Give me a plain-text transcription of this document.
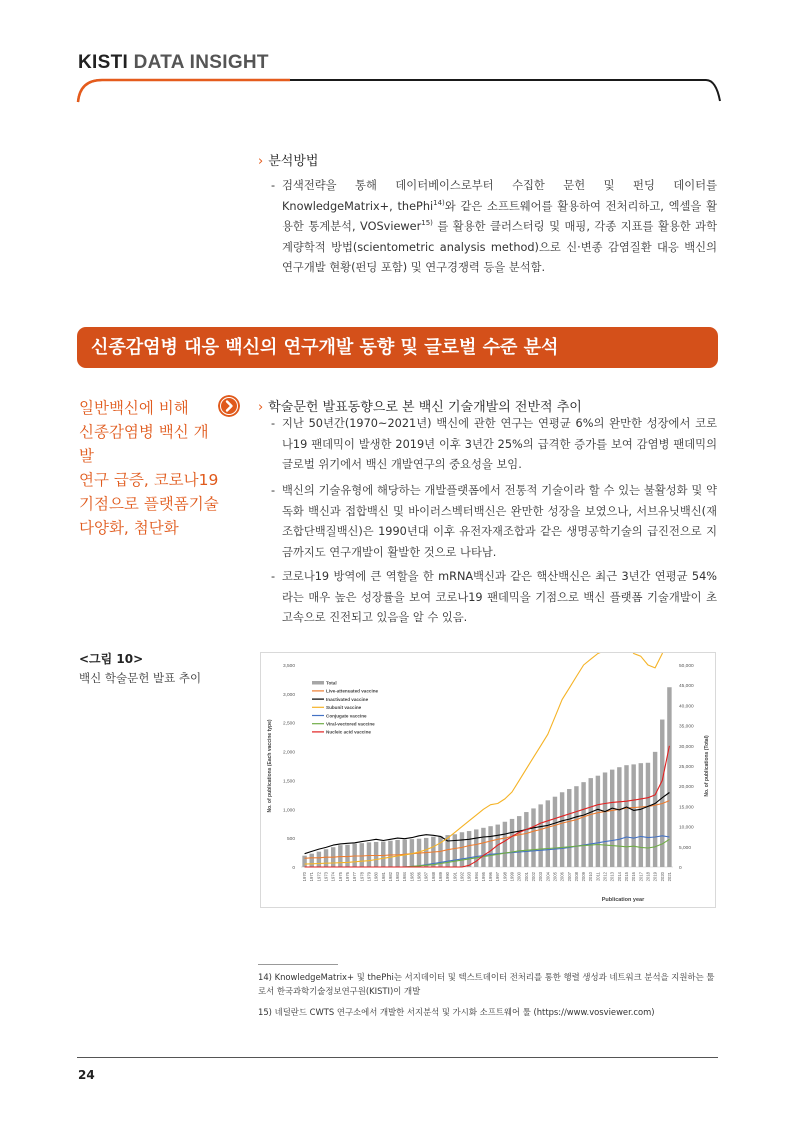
KISTI DATA INSIGHT
› 분석방법
- 검색전략을 통해 데이터베이스로부터 수집한 문헌 및 펀딩 데이터를 KnowledgeMatrix+, thePhi$^{14)}$와 같은 소프트웨어를 활용하여 전처리하고, 엑셀을 활용한 통계분석, VOSviewer$^{15)}$ 를 활용한 클러스터링 및 매핑, 각종 지표를 활용한 과학계량학적 방법(scientometric analysis method)으로 신·변종 감염질환 대응 백신의 연구개발 현황(펀딩 포함) 및 연구경쟁력 등을 분석함.
신종감염병 대응 백신의 연구개발 동향 및 글로벌 수준 분석
일반백신에 비해
신종감염병 백신 개발
연구 급증, 코로나19
기점으로 플랫폼기술
다양화, 첨단화
› 학술문헌 발표동향으로 본 백신 기술개발의 전반적 추이
- 지난 50년간(1970~2021년) 백신에 관한 연구는 연평균 6%의 완만한 성장에서 코로나19 팬데믹이 발생한 2019년 이후 3년간 25%의 급격한 증가를 보여 감염병 팬데믹의 글로벌 위기에서 백신 개발연구의 중요성을 보임.
- 백신의 기술유형에 해당하는 개발플랫폼에서 전통적 기술이라 할 수 있는 불활성화 및 약독화 백신과 접합백신 및 바이러스벡터백신은 완만한 성장을 보였으나, 서브유닛백신(재조합단백질백신)은 1990년대 이후 유전자재조합과 같은 생명공학기술의 급진전으로 지금까지도 연구개발이 활발한 것으로 나타남.
- 코로나19 방역에 큰 역할을 한 mRNA백신과 같은 핵산백신은 최근 3년간 연평균 54%라는 매우 높은 성장률을 보여 코로나19 팬데믹을 기점으로 백신 플랫폼 기술개발이 초고속으로 진전되고 있음을 알 수 있음.
<그림 10>
백신 학술문헌 발표 추이
0
500
1,000
1,500
2,000
2,500
3,000
3,500
0
5,000
10,000
15,000
20,000
25,000
30,000
35,000
40,000
45,000
50,000
1970 1971 1972 1973 1974 1975 1976 1977 1978 1979 1980 1981 1982 1983 1984 1985 1986 1987 1988 1989 1990 1991 1992 1993 1994 1995 1996 1997 1998 1999 2000 2001 2002 2003 2004 2005 2006 2007 2008 2009 2010 2011 2012 2013 2014 2015 2016 2017 2018 2019 2020 2021
Publication year
No. of publications (Each vaccine type)	No. of publications (Total)
Total
Live-attenuated vaccine
Inactivated vaccine
Subunit vaccine
Conjugate vaccine
Viral-vectored vaccine
Nucleic acid vaccine
14) KnowledgeMatrix+ 및 thePhi는 서지데이터 및 텍스트데이터 전처리를 통한 행렬 생성과 네트워크 분석을 지원하는 툴로서 한국과학기술정보연구원(KISTI)이 개발
15) 네덜란드 CWTS 연구소에서 개발한 서지분석 및 가시화 소프트웨어 툴 (https://www.vosviewer.com)
24
